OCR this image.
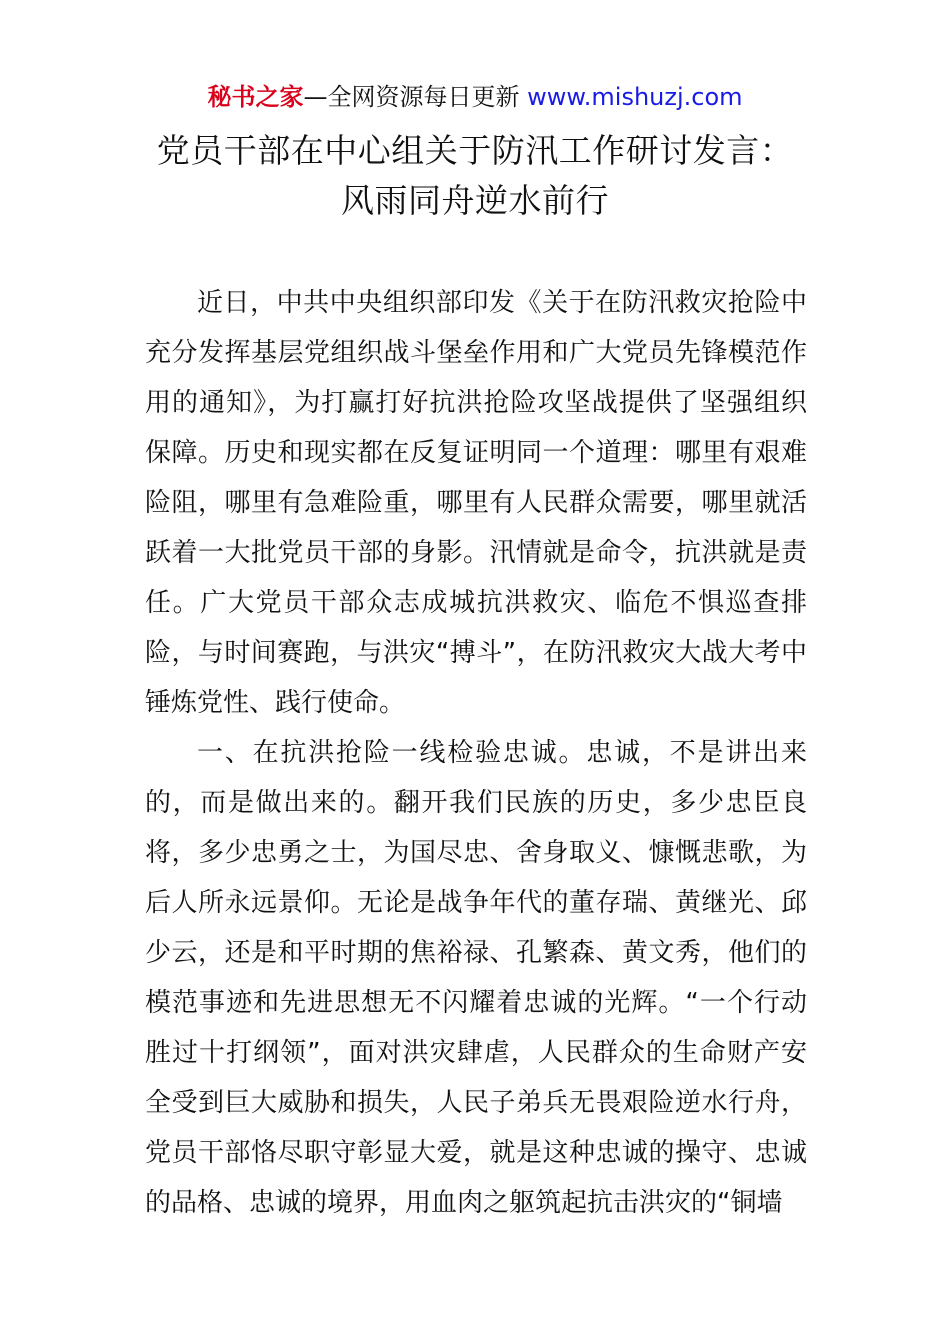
秘书之家—全网资源每日更新 www.mishuzj.com
党员干部在中心组关于防汛工作研讨发言：风雨同舟逆水前行

近日，中共中央组织部印发《关于在防汛救灾抢险中充分发挥基层党组织战斗堡垒作用和广大党员先锋模范作用的通知》，为打赢打好抗洪抢险攻坚战提供了坚强组织保障。历史和现实都在反复证明同一个道理：哪里有艰难险阻，哪里有急难险重，哪里有人民群众需要，哪里就活跃着一大批党员干部的身影。汛情就是命令，抗洪就是责任。广大党员干部众志成城抗洪救灾、临危不惧巡查排险，与时间赛跑，与洪灾“搏斗”，在防汛救灾大战大考中锤炼党性、践行使命。

一、在抗洪抢险一线检验忠诚。忠诚，不是讲出来的，而是做出来的。翻开我们民族的历史，多少忠臣良将，多少忠勇之士，为国尽忠、舍身取义、慷慨悲歌，为后人所永远景仰。无论是战争年代的董存瑞、黄继光、邱少云，还是和平时期的焦裕禄、孔繁森、黄文秀，他们的模范事迹和先进思想无不闪耀着忠诚的光辉。“一个行动胜过十打纲领”，面对洪灾肆虐，人民群众的生命财产安全受到巨大威胁和损失，人民子弟兵无畏艰险逆水行舟，党员干部恪尽职守彰显大爱，就是这种忠诚的操守、忠诚的品格、忠诚的境界，用血肉之躯筑起抗击洪灾的“铜墙
